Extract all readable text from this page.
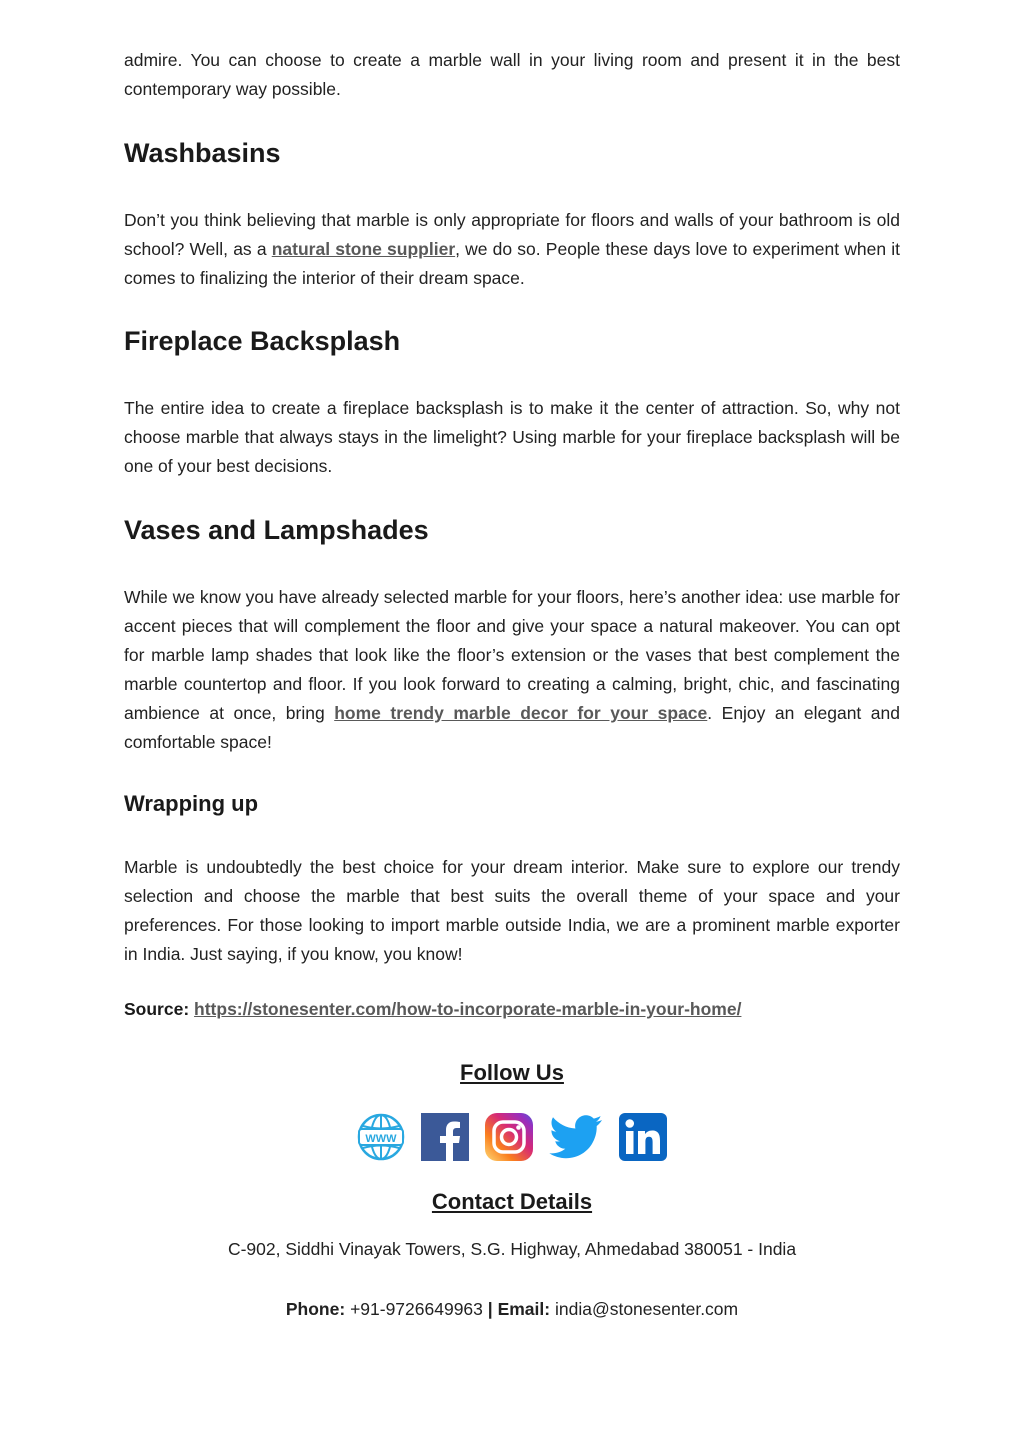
admire. You can choose to create a marble wall in your living room and present it in the best contemporary way possible.

Washbasins

Don’t you think believing that marble is only appropriate for floors and walls of your bathroom is old school? Well, as a natural stone supplier, we do so. People these days love to experiment when it comes to finalizing the interior of their dream space.

Fireplace Backsplash

The entire idea to create a fireplace backsplash is to make it the center of attraction. So, why not choose marble that always stays in the limelight? Using marble for your fireplace backsplash will be one of your best decisions.

Vases and Lampshades

While we know you have already selected marble for your floors, here’s another idea: use marble for accent pieces that will complement the floor and give your space a natural makeover. You can opt for marble lamp shades that look like the floor’s extension or the vases that best complement the marble countertop and floor. If you look forward to creating a calming, bright, chic, and fascinating ambience at once, bring home trendy marble decor for your space. Enjoy an elegant and comfortable space!

Wrapping up

Marble is undoubtedly the best choice for your dream interior. Make sure to explore our trendy selection and choose the marble that best suits the overall theme of your space and your preferences. For those looking to import marble outside India, we are a prominent marble exporter in India. Just saying, if you know, you know!

Source: https://stonesenter.com/how-to-incorporate-marble-in-your-home/
Follow Us
WWW
Contact Details
C-902, Siddhi Vinayak Towers, S.G. Highway, Ahmedabad 380051 - India
Phone: +91-9726649963 | Email: india@stonesenter.com
